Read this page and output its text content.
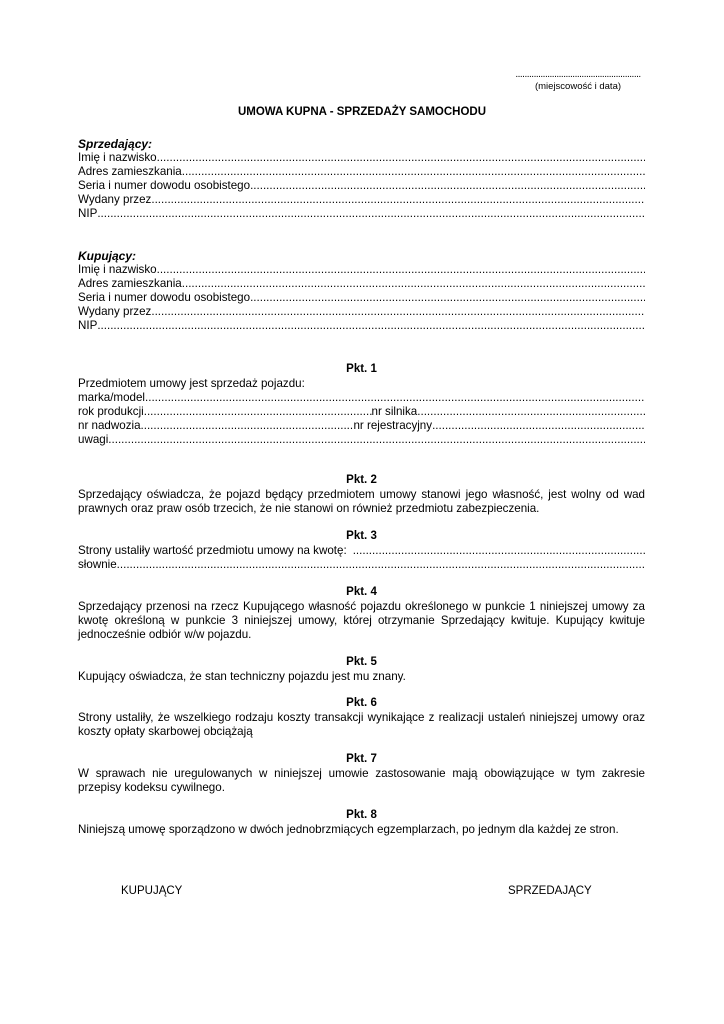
.......................................................
(miejscowość i data)
UMOWA KUPNA - SPRZEDAŻY SAMOCHODU
Sprzedający:
Imię i nazwisko
.....
Adres zamieszkania
.....
Seria i numer dowodu osobistego
.....
Wydany przez
.....
NIP
.....
Kupujący:
Imię i nazwisko
.....
Adres zamieszkania
.....
Seria i numer dowodu osobistego
.....
Wydany przez
.....
NIP
.....
Pkt. 1
Przedmiotem umowy jest sprzedaż pojazdu:
marka/model
.....
rok produkcji .....	nr silnika
.....
nr nadwozia .....	nr rejestracyjny
.....
uwagi
.....
Pkt. 2
Sprzedający oświadcza, że pojazd będący przedmiotem umowy stanowi jego własność, jest wolny od wad prawnych oraz praw osób trzecich, że nie stanowi on również przedmiotu zabezpieczenia.
Pkt. 3
Strony ustaliły wartość przedmiotu umowy na kwotę:
.....
słownie
.....
Pkt. 4
Sprzedający przenosi na rzecz Kupującego własność pojazdu określonego w punkcie 1 niniejszej umowy za kwotę określoną w punkcie 3 niniejszej umowy, której otrzymanie Sprzedający kwituje. Kupujący kwituje jednocześnie odbiór w/w pojazdu.
Pkt. 5
Kupujący oświadcza, że stan techniczny pojazdu jest mu znany.
Pkt. 6
Strony ustaliły, że wszelkiego rodzaju koszty transakcji wynikające z realizacji ustaleń niniejszej umowy oraz koszty opłaty skarbowej obciążają
Pkt. 7
W sprawach nie uregulowanych w niniejszej umowie zastosowanie mają obowiązujące w tym zakresie przepisy kodeksu cywilnego.
Pkt. 8
Niniejszą umowę sporządzono w dwóch jednobrzmiących egzemplarzach, po jednym dla każdej ze stron.
KUPUJĄCY	SPRZEDAJĄCY
